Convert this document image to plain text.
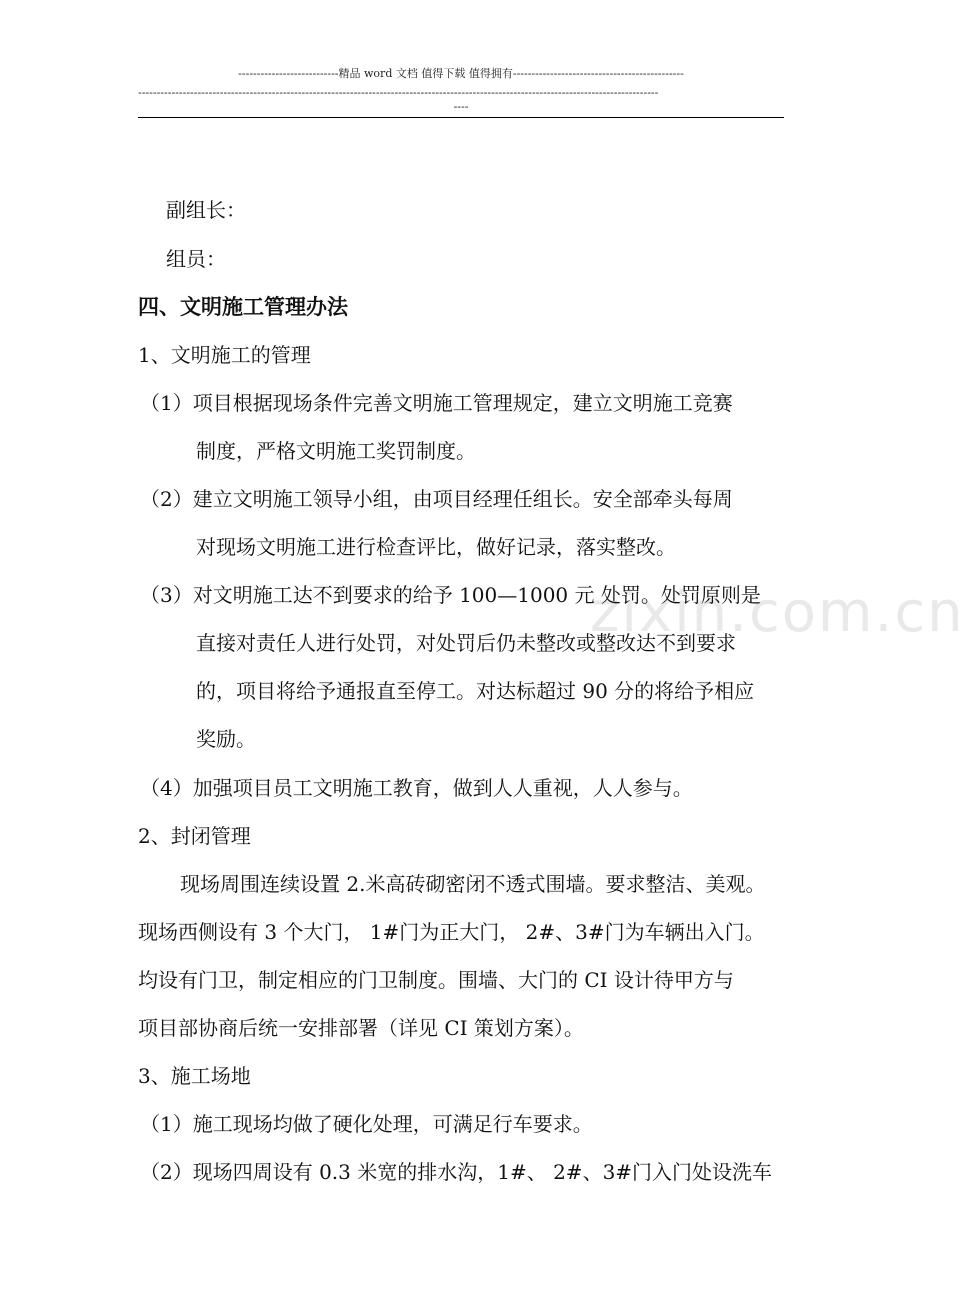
---------------------------精品 word 文档 值得下载 值得拥有----------------------------------------------
--------------------------------------------------------------------------------------------------------------------------------------------
----
zixin.com.cn
副组长：
组员：
四、文明施工管理办法
1、文明施工的管理
（1）项目根据现场条件完善文明施工管理规定，建立文明施工竞赛
制度，严格文明施工奖罚制度。
（2）建立文明施工领导小组，由项目经理任组长。安全部牵头每周
对现场文明施工进行检查评比，做好记录，落实整改。
（3）对文明施工达不到要求的给予 100—1000 元 处罚。处罚原则是
直接对责任人进行处罚，对处罚后仍未整改或整改达不到要求
的，项目将给予通报直至停工。对达标超过 90 分的将给予相应
奖励。
（4）加强项目员工文明施工教育，做到人人重视，人人参与。
2、封闭管理
现场周围连续设置 2.米高砖砌密闭不透式围墙。要求整洁、美观。
现场西侧设有 3 个大门， 1#门为正大门， 2#、3#门为车辆出入门。
均设有门卫，制定相应的门卫制度。围墙、大门的 CI 设计待甲方与
项目部协商后统一安排部署（详见 CI 策划方案）。
3、施工场地
（1）施工现场均做了硬化处理，可满足行车要求。
（2）现场四周设有 0.3 米宽的排水沟，1#、 2#、3#门入门处设洗车
